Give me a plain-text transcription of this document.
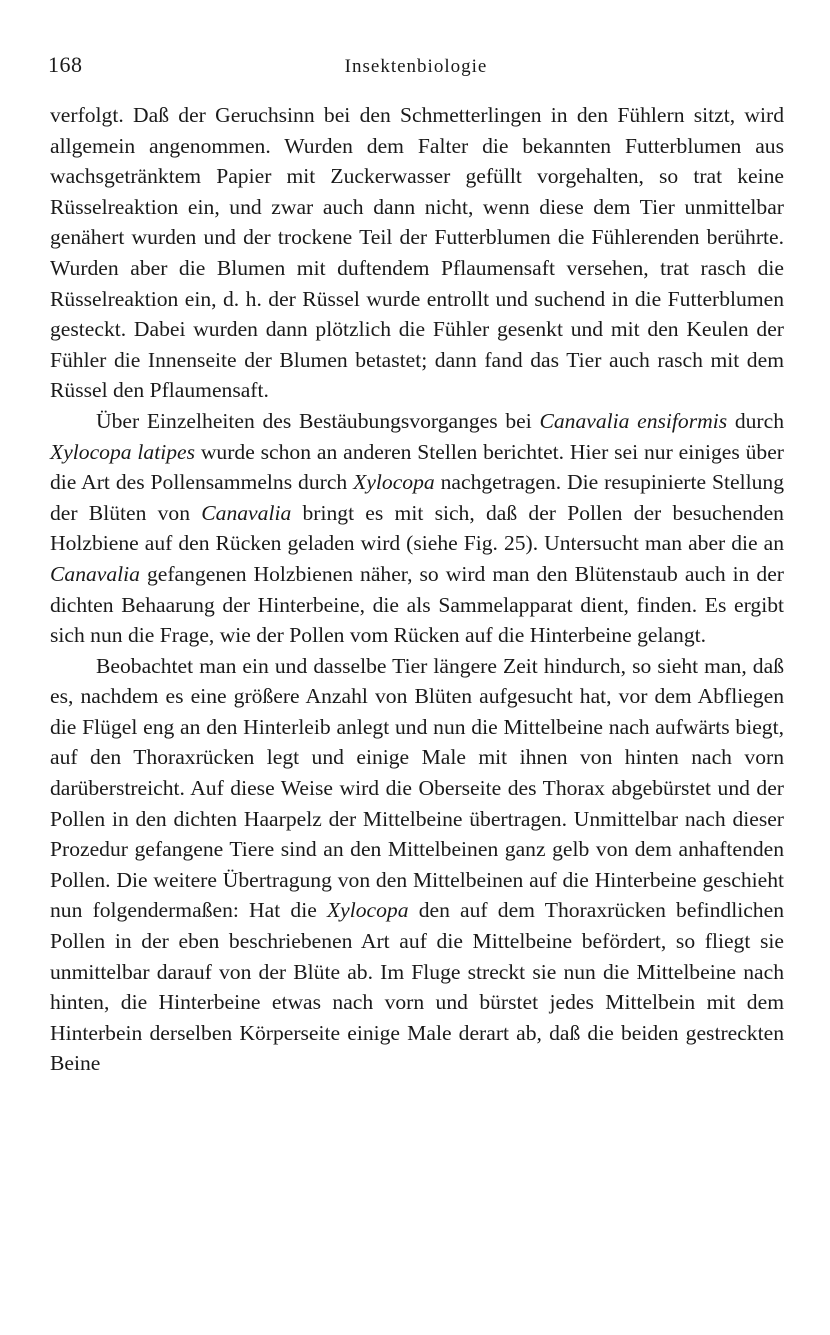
168	Insektenbiologie

verfolgt. Daß der Geruchsinn bei den Schmetterlingen in den Fühlern sitzt, wird allgemein angenommen. Wurden dem Falter die bekannten Futterblumen aus wachsgetränktem Papier mit Zuckerwasser gefüllt vorgehalten, so trat keine Rüsselreaktion ein, und zwar auch dann nicht, wenn diese dem Tier unmittelbar genähert wurden und der trockene Teil der Futterblumen die Fühlerenden berührte. Wurden aber die Blumen mit duftendem Pflaumensaft versehen, trat rasch die Rüsselreaktion ein, d. h. der Rüssel wurde entrollt und suchend in die Futterblumen gesteckt. Dabei wurden dann plötzlich die Fühler gesenkt und mit den Keulen der Fühler die Innenseite der Blumen betastet; dann fand das Tier auch rasch mit dem Rüssel den Pflaumensaft.

Über Einzelheiten des Bestäubungsvorganges bei Canavalia ensiformis durch Xylocopa latipes wurde schon an anderen Stellen berichtet. Hier sei nur einiges über die Art des Pollensammelns durch Xylocopa nachgetragen. Die resupinierte Stellung der Blüten von Canavalia bringt es mit sich, daß der Pollen der besuchenden Holzbiene auf den Rücken geladen wird (siehe Fig. 25). Untersucht man aber die an Canavalia gefangenen Holzbienen näher, so wird man den Blütenstaub auch in der dichten Behaarung der Hinterbeine, die als Sammelapparat dient, finden. Es ergibt sich nun die Frage, wie der Pollen vom Rücken auf die Hinterbeine gelangt.

Beobachtet man ein und dasselbe Tier längere Zeit hindurch, so sieht man, daß es, nachdem es eine größere Anzahl von Blüten aufgesucht hat, vor dem Abfliegen die Flügel eng an den Hinterleib anlegt und nun die Mittelbeine nach aufwärts biegt, auf den Thoraxrücken legt und einige Male mit ihnen von hinten nach vorn darüberstreicht. Auf diese Weise wird die Oberseite des Thorax abgebürstet und der Pollen in den dichten Haarpelz der Mittelbeine übertragen. Unmittelbar nach dieser Prozedur gefangene Tiere sind an den Mittelbeinen ganz gelb von dem anhaftenden Pollen. Die weitere Übertragung von den Mittelbeinen auf die Hinterbeine geschieht nun folgendermaßen: Hat die Xylocopa den auf dem Thoraxrücken befindlichen Pollen in der eben beschriebenen Art auf die Mittelbeine befördert, so fliegt sie unmittelbar darauf von der Blüte ab. Im Fluge streckt sie nun die Mittelbeine nach hinten, die Hinterbeine etwas nach vorn und bürstet jedes Mittelbein mit dem Hinterbein derselben Körperseite einige Male derart ab, daß die beiden gestreckten Beine
